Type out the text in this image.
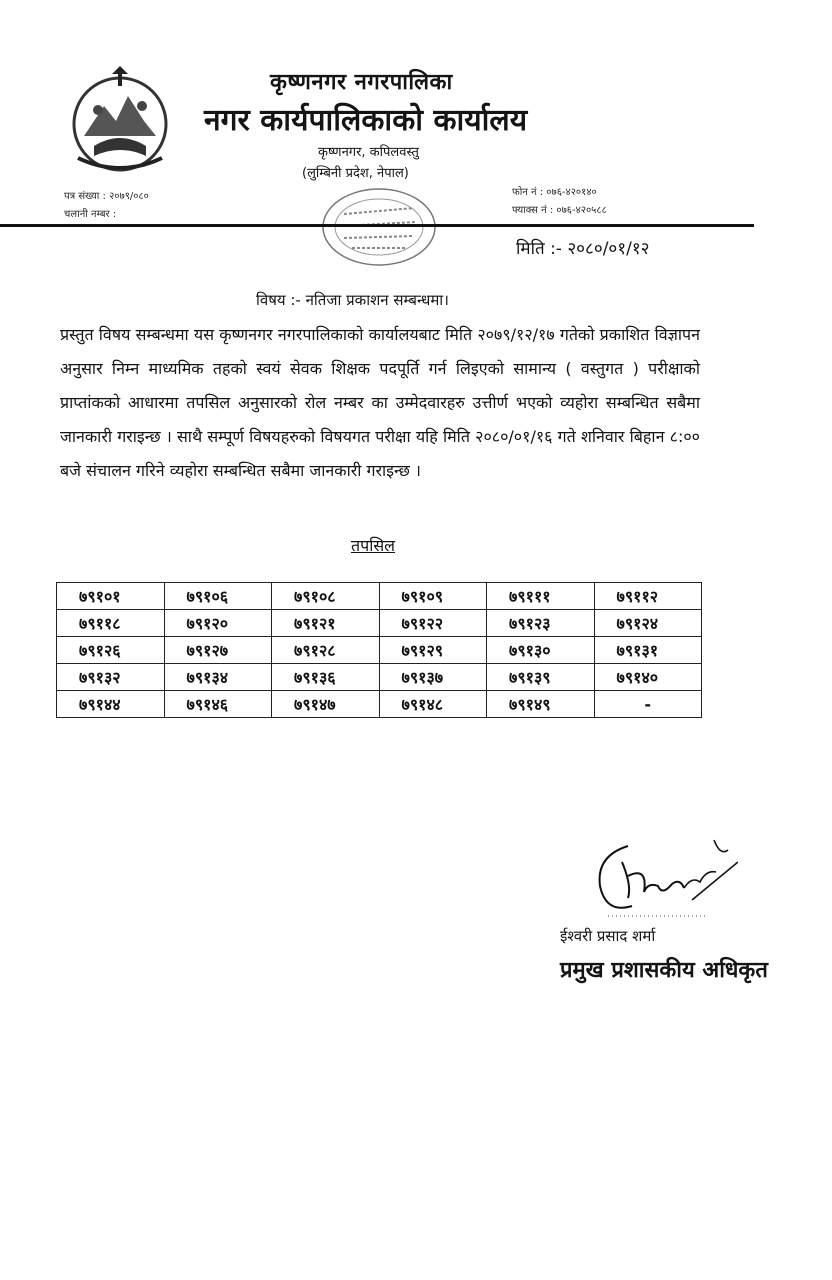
कृष्णनगर नगरपालिका
नगर कार्यपालिकाको कार्यालय
कृष्णनगर, कपिलवस्तु
(लुम्बिनी प्रदेश, नेपाल)
पत्र संख्या : २०७९/०८०
चलानी नम्बर :
फोन नं : ०७६-४२०१४०
फ्याक्स नं : ०७६-४२०५८८
मिति :- २०८०/०१/१२
विषय :- नतिजा प्रकाशन सम्बन्धमा।
प्रस्तुत विषय सम्बन्धमा यस कृष्णनगर नगरपालिकाको कार्यालयबाट मिति २०७९/१२/१७ गतेको प्रकाशित विज्ञापन अनुसार निम्न माध्यमिक तहको स्वयं सेवक शिक्षक पदपूर्ति गर्न लिइएको सामान्य ( वस्तुगत ) परीक्षाको प्राप्तांकको आधारमा तपसिल अनुसारको रोल नम्बर का उम्मेदवारहरु उत्तीर्ण भएको व्यहोरा सम्बन्धित सबैमा जानकारी गराइन्छ । साथै सम्पूर्ण विषयहरुको विषयगत परीक्षा यहि मिति २०८०/०१/१६ गते शनिवार बिहान ८:०० बजे संचालन गरिने व्यहोरा सम्बन्धित सबैमा जानकारी गराइन्छ ।
तपसिल
७९१०१	७९१०६	७९१०८	७९१०९	७९१११	७९११२
७९११८	७९१२०	७९१२१	७९१२२	७९१२३	७९१२४
७९१२६	७९१२७	७९१२८	७९१२९	७९१३०	७९१३१
७९१३२	७९१३४	७९१३६	७९१३७	७९१३९	७९१४०
७९१४४	७९१४६	७९१४७	७९१४८	७९१४९	-
ईश्वरी प्रसाद शर्मा
प्रमुख प्रशासकीय अधिकृत
